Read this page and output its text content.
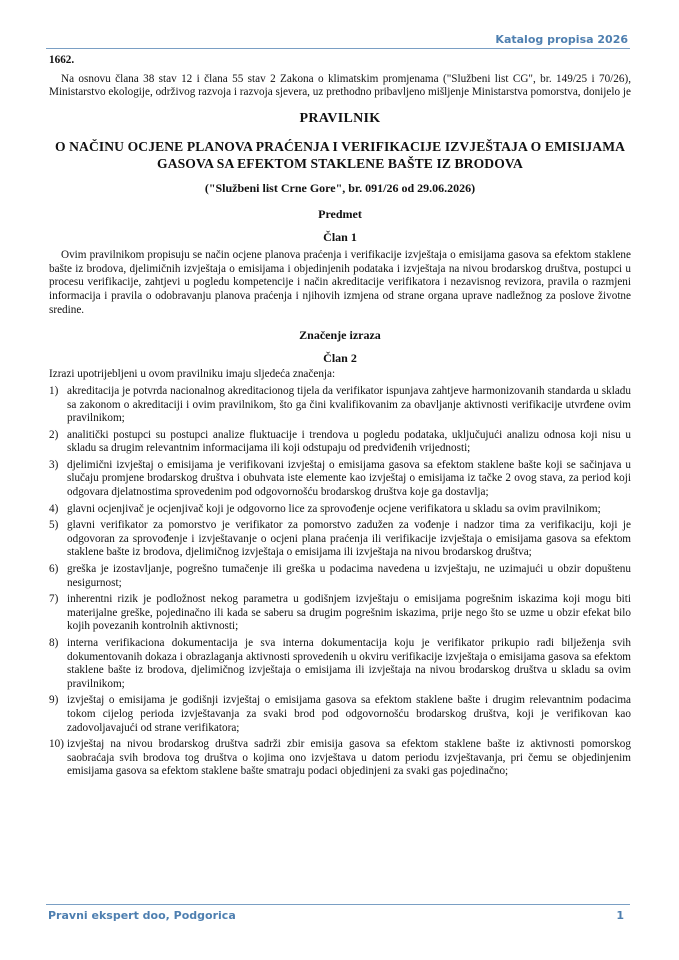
Katalog propisa 2026

1662.

Na osnovu člana 38 stav 12 i člana 55 stav 2 Zakona o klimatskim promjenama ("Službeni list CG", br. 149/25 i 70/26), Ministarstvo ekologije, održivog razvoja i razvoja sjevera, uz prethodno pribavljeno mišljenje Ministarstva pomorstva, donijelo je

PRAVILNIK

O NAČINU OCJENE PLANOVA PRAĆENJA I VERIFIKACIJE IZVJEŠTAJA O EMISIJAMA GASOVA SA EFEKTOM STAKLENE BAŠTE IZ BRODOVA

("Službeni list Crne Gore", br. 091/26 od 29.06.2026)

Predmet

Član 1

Ovim pravilnikom propisuju se način ocjene planova praćenja i verifikacije izvještaja o emisijama gasova sa efektom staklene bašte iz brodova, djelimičnih izvještaja o emisijama i objedinjenih podataka i izvještaja na nivou brodarskog društva, postupci u procesu verifikacije, zahtjevi u pogledu kompetencije i način akreditacije verifikatora i nezavisnog revizora, pravila o razmjeni informacija i pravila o odobravanju planova praćenja i njihovih izmjena od strane organa uprave nadležnog za poslove životne sredine.

Značenje izraza

Član 2

Izrazi upotrijebljeni u ovom pravilniku imaju sljedeća značenja:

1) akreditacija je potvrda nacionalnog akreditacionog tijela da verifikator ispunjava zahtjeve harmonizovanih standarda u skladu sa zakonom o akreditaciji i ovim pravilnikom, što ga čini kvalifikovanim za obavljanje aktivnosti verifikacije utvrđene ovim pravilnikom;
2) analitički postupci su postupci analize fluktuacije i trendova u pogledu podataka, uključujući analizu odnosa koji nisu u skladu sa drugim relevantnim informacijama ili koji odstupaju od predviđenih vrijednosti;
3) djelimični izvještaj o emisijama je verifikovani izvještaj o emisijama gasova sa efektom staklene bašte koji se sačinjava u slučaju promjene brodarskog društva i obuhvata iste elemente kao izvještaj o emisijama iz tačke 2 ovog stava, za period koji odgovara djelatnostima sprovedenim pod odgovornošću brodarskog društva koje ga dostavlja;
4) glavni ocjenjivač je ocjenjivač koji je odgovorno lice za sprovođenje ocjene verifikatora u skladu sa ovim pravilnikom;
5) glavni verifikator za pomorstvo je verifikator za pomorstvo zadužen za vođenje i nadzor tima za verifikaciju, koji je odgovoran za sprovođenje i izvještavanje o ocjeni plana praćenja ili verifikacije izvještaja o emisijama gasova sa efektom staklene bašte iz brodova, djelimičnog izvještaja o emisijama ili izvještaja na nivou brodarskog društva;
6) greška je izostavljanje, pogrešno tumačenje ili greška u podacima navedena u izvještaju, ne uzimajući u obzir dopuštenu nesigurnost;
7) inherentni rizik je podložnost nekog parametra u godišnjem izvještaju o emisijama pogrešnim iskazima koji mogu biti materijalne greške, pojedinačno ili kada se saberu sa drugim pogrešnim iskazima, prije nego što se uzme u obzir efekat bilo kojih povezanih kontrolnih aktivnosti;
8) interna verifikaciona dokumentacija je sva interna dokumentacija koju je verifikator prikupio radi bilježenja svih dokumentovanih dokaza i obrazlaganja aktivnosti sprovedenih u okviru verifikacije izvještaja o emisijama gasova sa efektom staklene bašte iz brodova, djelimičnog izvještaja o emisijama ili izvještaja na nivou brodarskog društva u skladu sa ovim pravilnikom;
9) izvještaj o emisijama je godišnji izvještaj o emisijama gasova sa efektom staklene bašte i drugim relevantnim podacima tokom cijelog perioda izvještavanja za svaki brod pod odgovornošću brodarskog društva, koji je verifikovan kao zadovoljavajući od strane verifikatora;
10) izvještaj na nivou brodarskog društva sadrži zbir emisija gasova sa efektom staklene bašte iz aktivnosti pomorskog saobraćaja svih brodova tog društva o kojima ono izvještava u datom periodu izvještavanja, pri čemu se objedinjenim emisijama gasova sa efektom staklene bašte smatraju podaci objedinjeni za svaki gas pojedinačno;
Pravni ekspert doo, Podgorica	1
